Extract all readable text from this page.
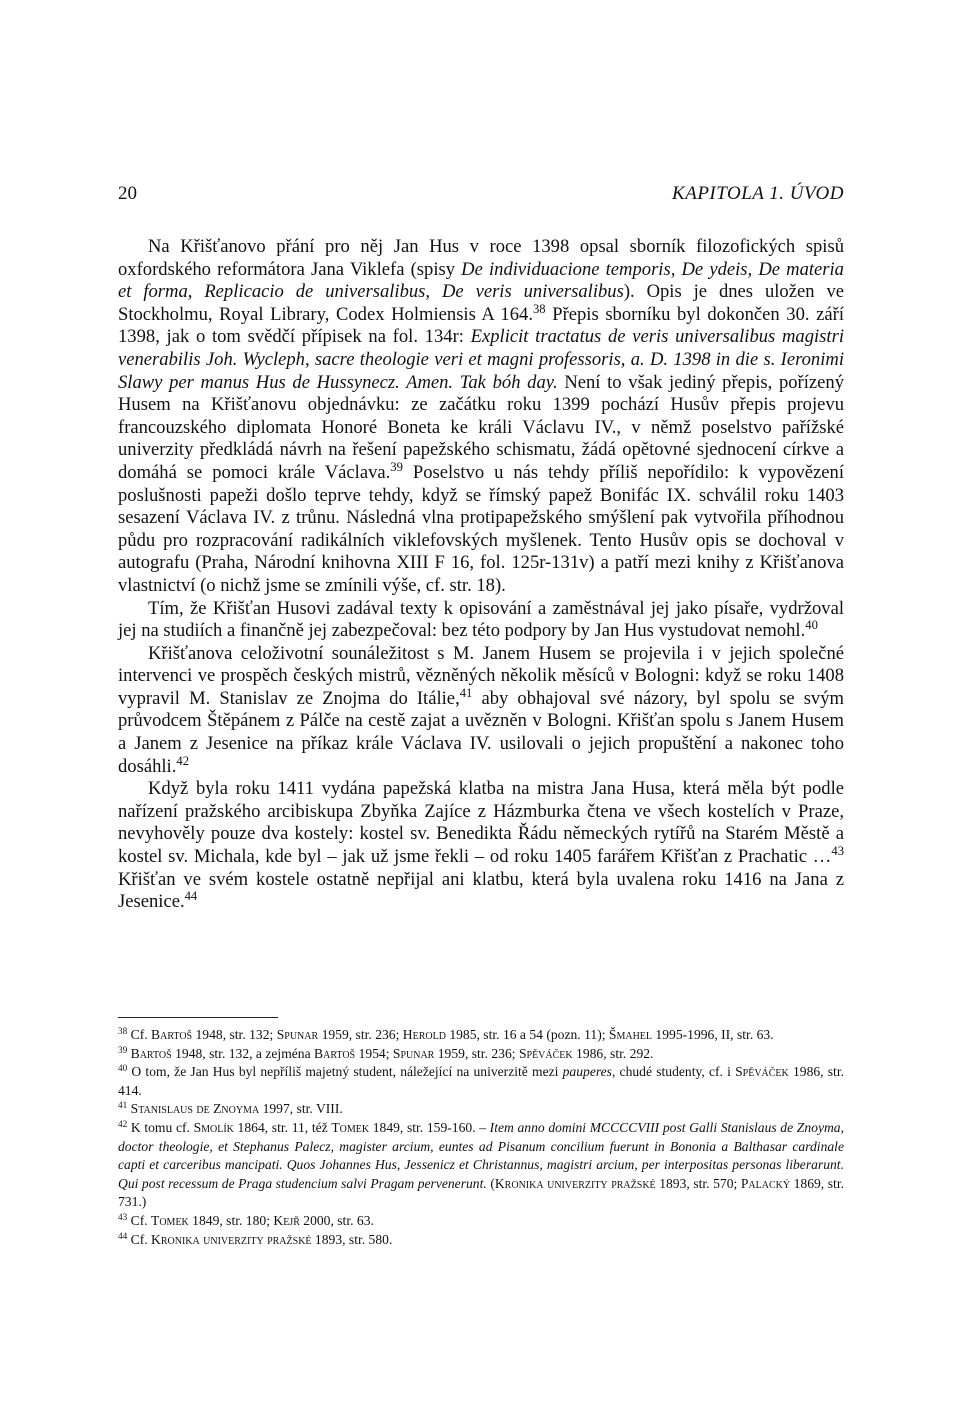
20	KAPITOLA 1. ÚVOD

Na Křišťanovo přání pro něj Jan Hus v roce 1398 opsal sborník filozofických spisů oxfordského reformátora Jana Viklefa (spisy De individuacione temporis, De ydeis, De materia et forma, Replicacio de universalibus, De veris universalibus). Opis je dnes uložen ve Stockholmu, Royal Library, Codex Holmiensis A 164.38 Přepis sborníku byl dokončen 30. září 1398, jak o tom svědčí přípisek na fol. 134r: Explicit tractatus de veris universalibus magistri venerabilis Joh. Wycleph, sacre theologie veri et magni professoris, a. D. 1398 in die s. Ieronimi Slawy per manus Hus de Hussynecz. Amen. Tak bóh day. Není to však jediný přepis, pořízený Husem na Křišťanovu objednávku: ze začátku roku 1399 pochází Husův přepis projevu francouzského diplomata Honoré Boneta ke králi Václavu IV., v němž poselstvo pařížské univerzity předkládá návrh na řešení papežského schismatu, žádá opětovné sjednocení církve a domáhá se pomoci krále Václava.$^{39}$ Poselstvo u nás tehdy příliš nepořídilo: k vypovězení poslušnosti papeži došlo teprve tehdy, když se římský papež Bonifác IX. schválil roku 1403 sesazení Václava IV. z trůnu. Následná vlna protipapežského smýšlení pak vytvořila příhodnou půdu pro rozpracování radikálních viklefovských myšlenek. Tento Husův opis se dochoval v autografu (Praha, Národní knihovna XIII F 16, fol. 125r-131v) a patří mezi knihy z Křišťanova vlastnictví (o nichž jsme se zmínili výše, cf. str. 18).

Tím, že Křišťan Husovi zadával texty k opisování a zaměstnával jej jako písaře, vydržoval jej na studiích a finančně jej zabezpečoval: bez této podpory by Jan Hus vystudovat nemohl.$^{40}$

Křišťanova celoživotní sounáležitost s M. Janem Husem se projevila i v jejich společné intervenci ve prospěch českých mistrů, vězněných několik měsíců v Bologni: když se roku 1408 vypravil M. Stanislav ze Znojma do Itálie,$^{41}$ aby obhajoval své názory, byl spolu se svým průvodcem Štěpánem z Pálče na cestě zajat a uvězněn v Bologni. Křišťan spolu s Janem Husem a Janem z Jesenice na příkaz krále Václava IV. usilovali o jejich propuštění a nakonec toho dosáhli.$^{42}$

Když byla roku 1411 vydána papežská klatba na mistra Jana Husa, která měla být podle nařízení pražského arcibiskupa Zbyňka Zajíce z Házmburka čtena ve všech kostelích v Praze, nevyhověly pouze dva kostely: kostel sv. Benedikta Řádu německých rytířů na Starém Městě a kostel sv. Michala, kde byl – jak už jsme řekli – od roku 1405 farářem Křišťan z Prachatic …$^{43}$ Křišťan ve svém kostele ostatně nepřijal ani klatbu, která byla uvalena roku 1416 na Jana z Jesenice.$^{44}$

$^{38}$ Cf. Bartoš 1948, str. 132; Spunar 1959, str. 236; Herold 1985, str. 16 a 54 (pozn. 11); Šmahel 1995-1996, II, str. 63.

$^{39}$ Bartoš 1948, str. 132, a zejména Bartoš 1954; Spunar 1959, str. 236; Spěváček 1986, str. 292.

$^{40}$ O tom, že Jan Hus byl nepříliš majetný student, náležející na univerzitě mezi pauperes, chudé studenty, cf. i Spěváček 1986, str. 414.

$^{41}$ Stanislaus de Znoyma 1997, str. VIII.

$^{42}$ K tomu cf. Smolík 1864, str. 11, též Tomek 1849, str. 159-160. – Item anno domini MCCCCVIII post Galli Stanislaus de Znoyma, doctor theologie, et Stephanus Palecz, magister arcium, euntes ad Pisanum concilium fuerunt in Bononia a Balthasar cardinale capti et carceribus mancipati. Quos Johannes Hus, Jessenicz et Christannus, magistri arcium, per interpositas personas liberarunt. Qui post recessum de Praga studencium salvi Pragam pervenerunt. (Kronika univerzity pražské 1893, str. 570; Palacký 1869, str. 731.)

$^{43}$ Cf. Tomek 1849, str. 180; Kejř 2000, str. 63.

$^{44}$ Cf. Kronika univerzity pražské 1893, str. 580.
